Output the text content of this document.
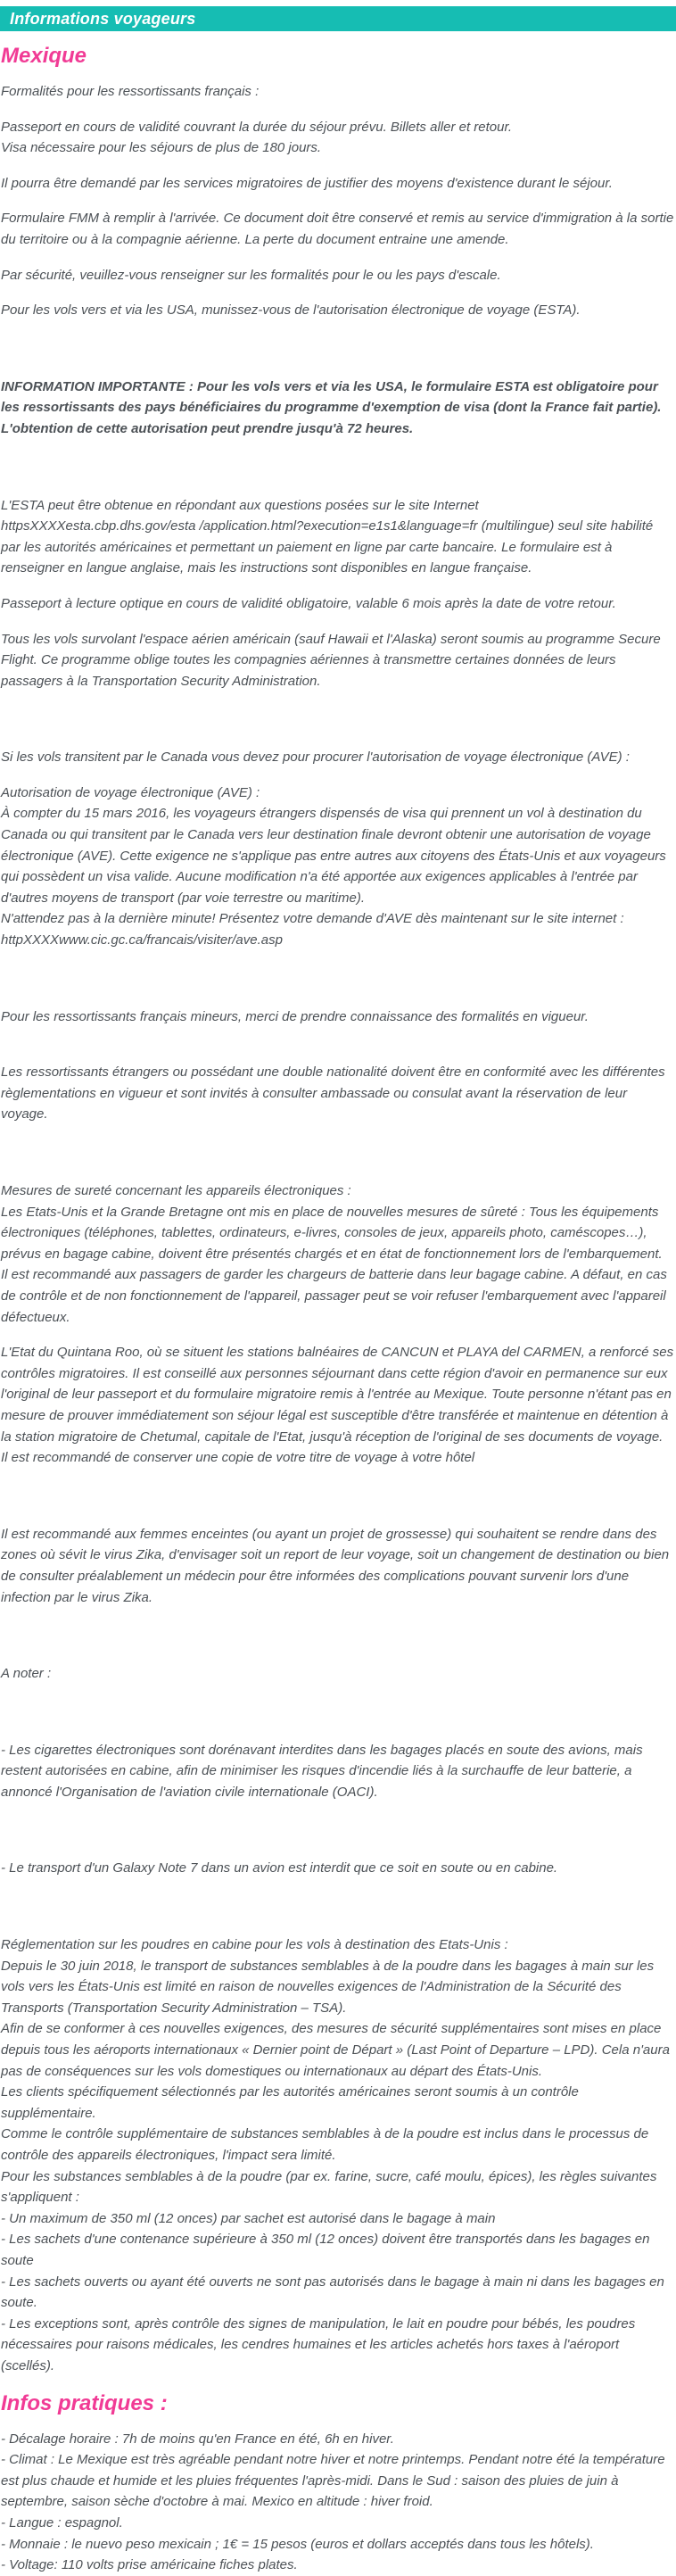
Informations voyageurs
Mexique

Formalités pour les ressortissants français :

Passeport en cours de validité couvrant la durée du séjour prévu. Billets aller et retour.
Visa nécessaire pour les séjours de plus de 180 jours.

Il pourra être demandé par les services migratoires de justifier des moyens d'existence durant le séjour.

Formulaire FMM à remplir à l'arrivée. Ce document doit être conservé et remis au service d'immigration à la sortie du territoire ou à la compagnie aérienne. La perte du document entraine une amende.

Par sécurité, veuillez-vous renseigner sur les formalités pour le ou les pays d'escale.

Pour les vols vers et via les USA, munissez-vous de l'autorisation électronique de voyage (ESTA).

INFORMATION IMPORTANTE : Pour les vols vers et via les USA, le formulaire ESTA est obligatoire pour les ressortissants des pays bénéficiaires du programme d'exemption de visa (dont la France fait partie). L'obtention de cette autorisation peut prendre jusqu'à 72 heures.

L'ESTA peut être obtenue en répondant aux questions posées sur le site Internet httpsXXXXesta.cbp.dhs.gov/esta /application.html?execution=e1s1&language=fr (multilingue) seul site habilité par les autorités américaines et permettant un paiement en ligne par carte bancaire. Le formulaire est à renseigner en langue anglaise, mais les instructions sont disponibles en langue française.

Passeport à lecture optique en cours de validité obligatoire, valable 6 mois après la date de votre retour.

Tous les vols survolant l'espace aérien américain (sauf Hawaii et l'Alaska) seront soumis au programme Secure Flight. Ce programme oblige toutes les compagnies aériennes à transmettre certaines données de leurs passagers à la Transportation Security Administration.

Si les vols transitent par le Canada vous devez pour procurer l'autorisation de voyage électronique (AVE) :

Autorisation de voyage électronique (AVE) :
À compter du 15 mars 2016, les voyageurs étrangers dispensés de visa qui prennent un vol à destination du Canada ou qui transitent par le Canada vers leur destination finale devront obtenir une autorisation de voyage électronique (AVE). Cette exigence ne s'applique pas entre autres aux citoyens des États-Unis et aux voyageurs qui possèdent un visa valide. Aucune modification n'a été apportée aux exigences applicables à l'entrée par d'autres moyens de transport (par voie terrestre ou maritime).
N'attendez pas à la dernière minute! Présentez votre demande d'AVE dès maintenant sur le site internet : httpXXXXwww.cic.gc.ca/francais/visiter/ave.asp

Pour les ressortissants français mineurs, merci de prendre connaissance des formalités en vigueur.

Les ressortissants étrangers ou possédant une double nationalité doivent être en conformité avec les différentes règlementations en vigueur et sont invités à consulter ambassade ou consulat avant la réservation de leur voyage.

Mesures de sureté concernant les appareils électroniques :
Les Etats-Unis et la Grande Bretagne ont mis en place de nouvelles mesures de sûreté : Tous les équipements électroniques (téléphones, tablettes, ordinateurs, e-livres, consoles de jeux, appareils photo, caméscopes…), prévus en bagage cabine, doivent être présentés chargés et en état de fonctionnement lors de l'embarquement.
Il est recommandé aux passagers de garder les chargeurs de batterie dans leur bagage cabine. A défaut, en cas de contrôle et de non fonctionnement de l'appareil, passager peut se voir refuser l'embarquement avec l'appareil défectueux.

L'Etat du Quintana Roo, où se situent les stations balnéaires de CANCUN et PLAYA del CARMEN, a renforcé ses contrôles migratoires. Il est conseillé aux personnes séjournant dans cette région d'avoir en permanence sur eux l'original de leur passeport et du formulaire migratoire remis à l'entrée au Mexique. Toute personne n'étant pas en mesure de prouver immédiatement son séjour légal est susceptible d'être transférée et maintenue en détention à la station migratoire de Chetumal, capitale de l'Etat, jusqu'à réception de l'original de ses documents de voyage.
Il est recommandé de conserver une copie de votre titre de voyage à votre hôtel

Il est recommandé aux femmes enceintes (ou ayant un projet de grossesse) qui souhaitent se rendre dans des zones où sévit le virus Zika, d'envisager soit un report de leur voyage, soit un changement de destination ou bien de consulter préalablement un médecin pour être informées des complications pouvant survenir lors d'une infection par le virus Zika.

A noter :

- Les cigarettes électroniques sont dorénavant interdites dans les bagages placés en soute des avions, mais restent autorisées en cabine, afin de minimiser les risques d'incendie liés à la surchauffe de leur batterie, a annoncé l'Organisation de l'aviation civile internationale (OACI).

- Le transport d'un Galaxy Note 7 dans un avion est interdit que ce soit en soute ou en cabine.

Réglementation sur les poudres en cabine pour les vols à destination des Etats-Unis :
Depuis le 30 juin 2018, le transport de substances semblables à de la poudre dans les bagages à main sur les vols vers les États-Unis est limité en raison de nouvelles exigences de l'Administration de la Sécurité des Transports (Transportation Security Administration – TSA).
Afin de se conformer à ces nouvelles exigences, des mesures de sécurité supplémentaires sont mises en place depuis tous les aéroports internationaux « Dernier point de Départ » (Last Point of Departure – LPD). Cela n'aura pas de conséquences sur les vols domestiques ou internationaux au départ des États-Unis.
Les clients spécifiquement sélectionnés par les autorités américaines seront soumis à un contrôle supplémentaire.
Comme le contrôle supplémentaire de substances semblables à de la poudre est inclus dans le processus de contrôle des appareils électroniques, l'impact sera limité.
Pour les substances semblables à de la poudre (par ex. farine, sucre, café moulu, épices), les règles suivantes s'appliquent :
- Un maximum de 350 ml (12 onces) par sachet est autorisé dans le bagage à main
- Les sachets d'une contenance supérieure à 350 ml (12 onces) doivent être transportés dans les bagages en soute
- Les sachets ouverts ou ayant été ouverts ne sont pas autorisés dans le bagage à main ni dans les bagages en soute.
- Les exceptions sont, après contrôle des signes de manipulation, le lait en poudre pour bébés, les poudres nécessaires pour raisons médicales, les cendres humaines et les articles achetés hors taxes à l'aéroport (scellés).

Infos pratiques :

- Décalage horaire : 7h de moins qu'en France en été, 6h en hiver.
- Climat : Le Mexique est très agréable pendant notre hiver et notre printemps. Pendant notre été la température est plus chaude et humide et les pluies fréquentes l'après-midi. Dans le Sud : saison des pluies de juin à septembre, saison sèche d'octobre à mai. Mexico en altitude : hiver froid.
- Langue : espagnol.
- Monnaie : le nuevo peso mexicain ; 1€ = 15 pesos (euros et dollars acceptés dans tous les hôtels).
- Voltage: 110 volts prise américaine fiches plates.
